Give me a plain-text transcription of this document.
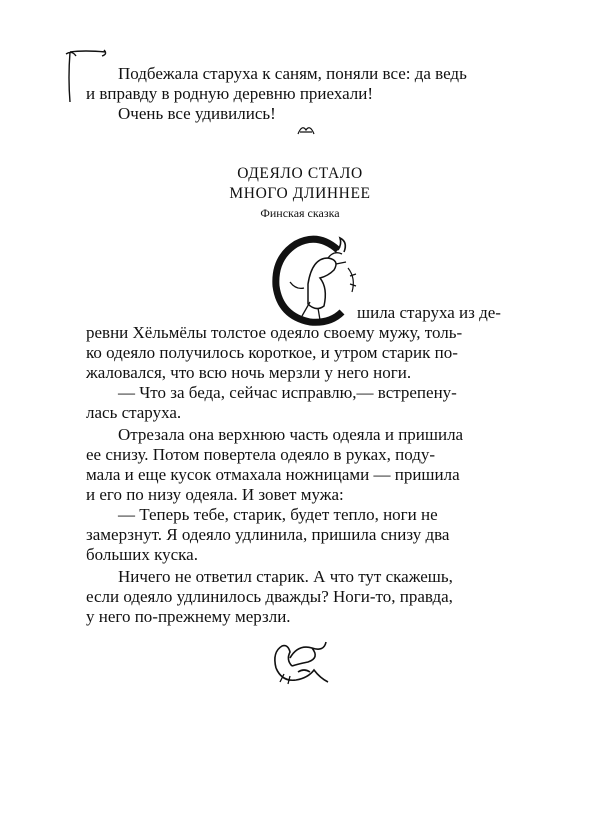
Подбежала старуха к саням, поняли все: да ведь
и вправду в родную деревню приехали!
Очень все удивились!
ОДЕЯЛО СТАЛО
МНОГО ДЛИННЕЕ
Финская сказка
шила старуха из де-
ревни Хёльмёлы толстое одеяло своему мужу, толь-
ко одеяло получилось короткое, и утром старик по-
жаловался, что всю ночь мерзли у него ноги.
— Что за беда, сейчас исправлю,— встрепену-
лась старуха.
Отрезала она верхнюю часть одеяла и пришила
ее снизу. Потом повертела одеяло в руках, поду-
мала и еще кусок отмахала ножницами — пришила
и его по низу одеяла. И зовет мужа:
— Теперь тебе, старик, будет тепло, ноги не
замерзнут. Я одеяло удлинила, пришила снизу два
больших куска.
Ничего не ответил старик. А что тут скажешь,
если одеяло удлинилось дважды? Ноги-то, правда,
у него по-прежнему мерзли.
